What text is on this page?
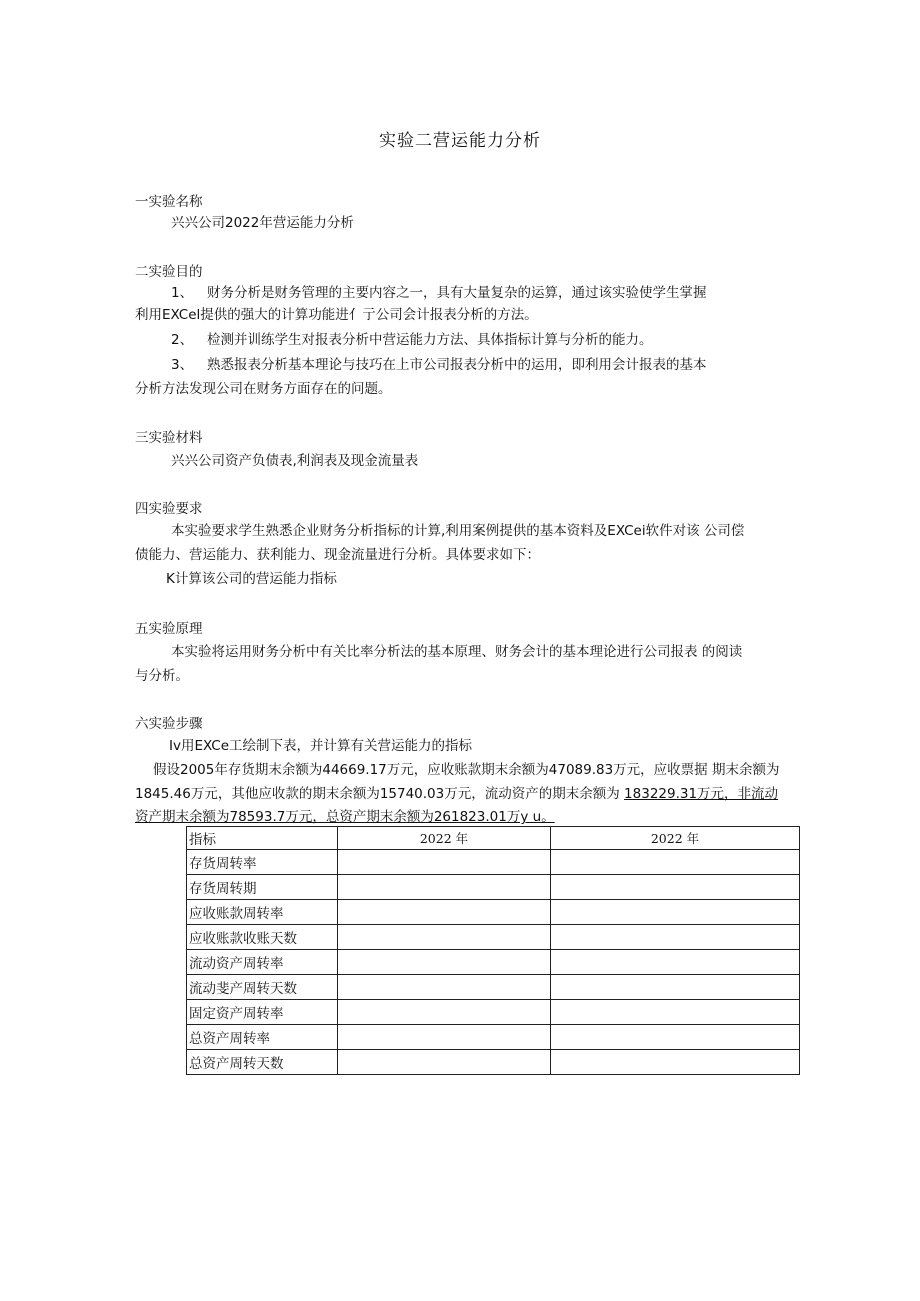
实验二营运能力分析
一实验名称
兴兴公司2022年营运能力分析
二实验目的
1、 财务分析是财务管理的主要内容之一，具有大量复杂的运算，通过该实验使学生掌握
利用EXCel提供的强大的计算功能进亻亍公司会计报表分析的方法。
2、 检测并训练学生对报表分析中营运能力方法、具体指标计算与分析的能力。
3、 熟悉报表分析基本理论与技巧在上市公司报表分析中的运用，即利用会计报表的基本
分析方法发现公司在财务方面存在的问题。
三实验材料
兴兴公司资产负债表,利润表及现金流量表
四实验要求
本实验要求学生熟悉企业财务分析指标的计算,利用案例提供的基本资料及EXCei软件对该 公司偿
债能力、营运能力、获利能力、现金流量进行分析。具体要求如下：
K计算该公司的营运能力指标
五实验原理
本实验将运用财务分析中有关比率分析法的基本原理、财务会计的基本理论进行公司报表 的阅读
与分析。
六实验步骤
Iv用EXCe工绘制下表，并计算有关营运能力的指标
假设2005年存货期末余额为44669.17万元，应收账款期末余额为47089.83万元，应收票据 期末余额为
1845.46万元，其他应收款的期末余额为15740.03万元，流动资产的期末余额为 183229.31万元，非流动
资产期末余额为78593.7万元，总资产期末余额为261823.01万y u。
指标	2022 年	2022 年
存货周转率		
存货周转期		
应收账款周转率		
应收账款收账天数		
流动资产周转率		
流动斐产周转天数		
固定资产周转率		
总资产周转率		
总资产周转天数		
